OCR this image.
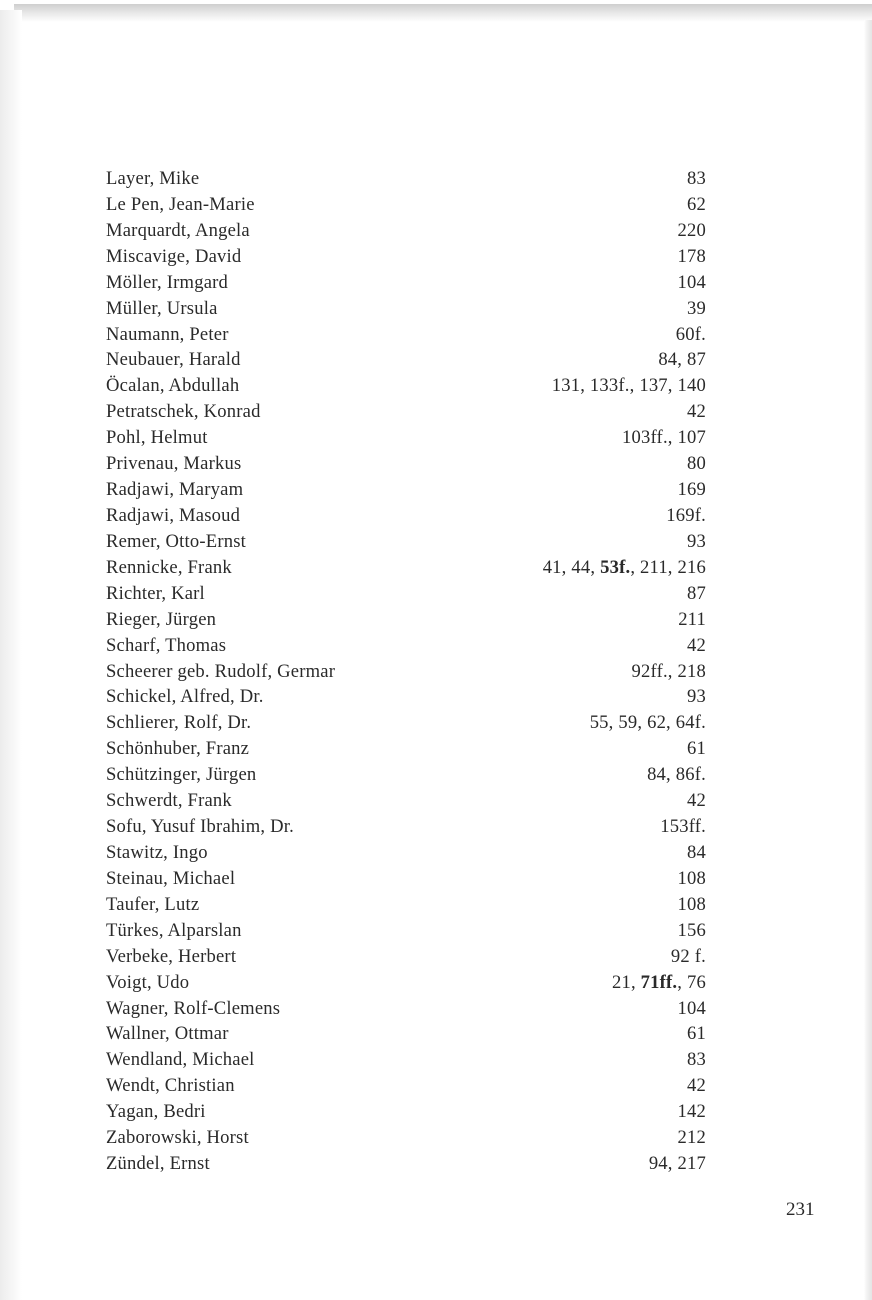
Layer, Mike	83
Le Pen, Jean-Marie	62
Marquardt, Angela	220
Miscavige, David	178
Möller, Irmgard	104
Müller, Ursula	39
Naumann, Peter	60f.
Neubauer, Harald	84, 87
Öcalan, Abdullah	131, 133f., 137, 140
Petratschek, Konrad	42
Pohl, Helmut	103ff., 107
Privenau, Markus	80
Radjawi, Maryam	169
Radjawi, Masoud	169f.
Remer, Otto-Ernst	93
Rennicke, Frank	41, 44, 53f., 211, 216
Richter, Karl	87
Rieger, Jürgen	211
Scharf, Thomas	42
Scheerer geb. Rudolf, Germar	92ff., 218
Schickel, Alfred, Dr.	93
Schlierer, Rolf, Dr.	55, 59, 62, 64f.
Schönhuber, Franz	61
Schützinger, Jürgen	84, 86f.
Schwerdt, Frank	42
Sofu, Yusuf Ibrahim, Dr.	153ff.
Stawitz, Ingo	84
Steinau, Michael	108
Taufer, Lutz	108
Türkes, Alparslan	156
Verbeke, Herbert	92 f.
Voigt, Udo	21, 71ff., 76
Wagner, Rolf-Clemens	104
Wallner, Ottmar	61
Wendland, Michael	83
Wendt, Christian	42
Yagan, Bedri	142
Zaborowski, Horst	212
Zündel, Ernst	94, 217
231
